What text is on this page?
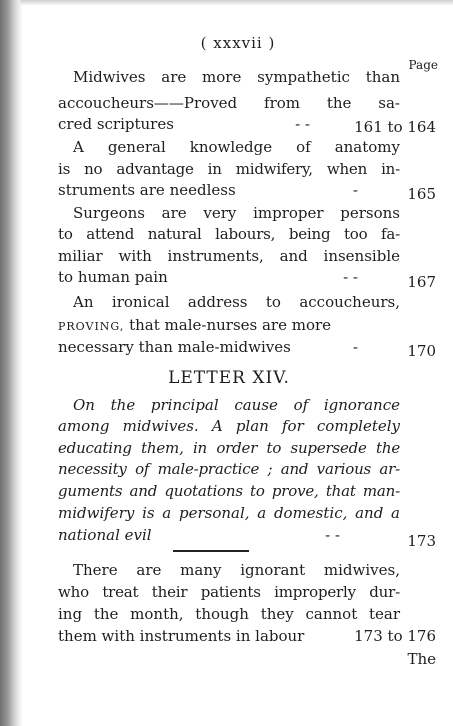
( xxxvii )
Page
Midwives are more sympathetic than
accoucheurs——Proved from the sa-
cred scriptures	- -	161 to 164
A general knowledge of anatomy
is no advantage in midwifery, when in-
struments are needless	-	165
Surgeons are very improper persons
to attend natural labours, being too fa-
miliar with instruments, and insensible
to human pain	- -	167
An ironical address to accoucheurs,
PROVING, that male-nurses are more
necessary than male-midwives	-	170
LETTER XIV.
On the principal cause of ignorance
among midwives. A plan for completely
educating them, in order to supersede the
necessity of male-practice ; and various ar-
guments and quotations to prove, that man-
midwifery is a personal, a domestic, and a
national evil	- -	173
There are many ignorant midwives,
who treat their patients improperly dur-
ing the month, though they cannot tear
them with instruments in labour	173 to 176
The
